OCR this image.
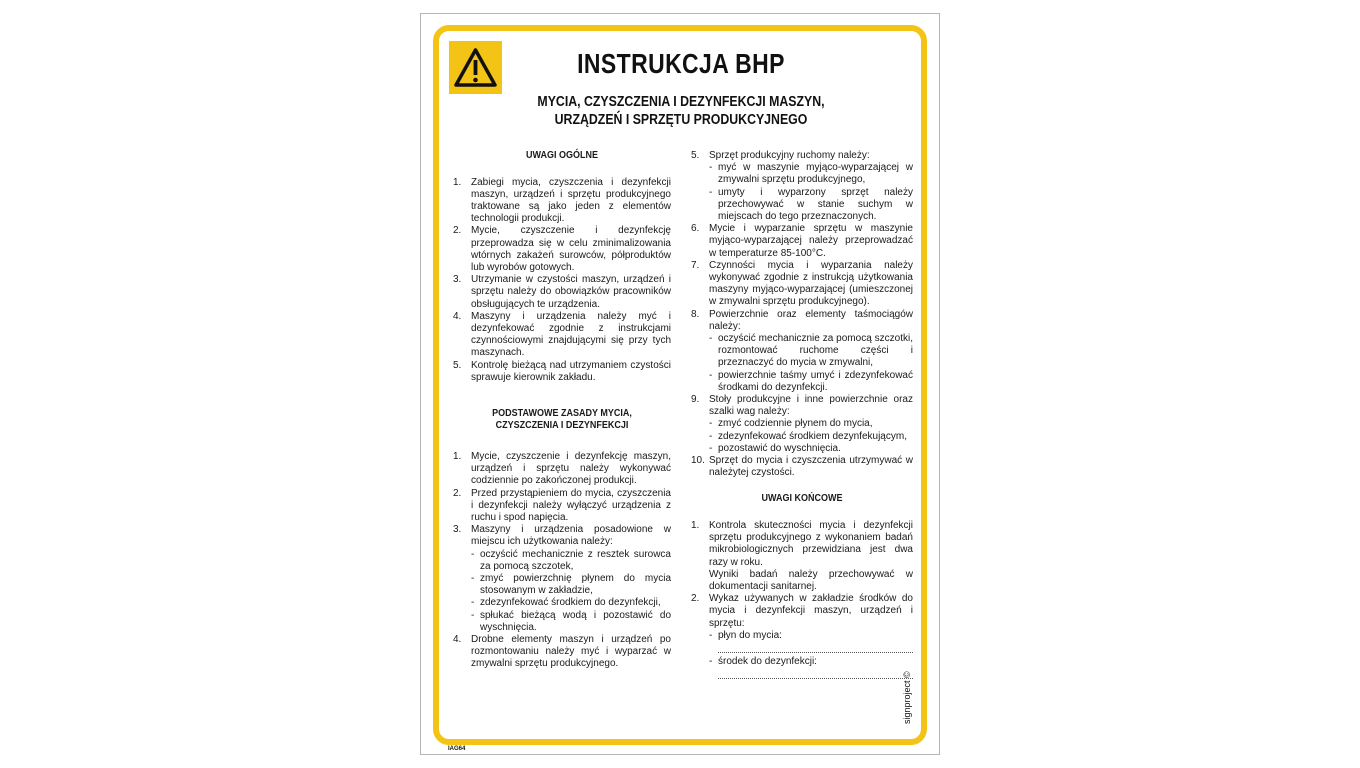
INSTRUKCJA BHP
MYCIA, CZYSZCZENIA I DEZYNFEKCJI MASZYN,
URZĄDZEŃ I SPRZĘTU PRODUKCYJNEGO
UWAGI OGÓLNE
1. Zabiegi mycia, czyszczenia i dezynfekcji maszyn, urządzeń i sprzętu produkcyjnego traktowane są jako jeden z elementów technologii produkcji.
2. Mycie, czyszczenie i dezynfekcję przeprowadza się w celu zminimalizowania wtórnych zakażeń surowców, półproduktów lub wyrobów gotowych.
3. Utrzymanie w czystości maszyn, urządzeń i sprzętu należy do obowiązków pracowników obsługujących te urządzenia.
4. Maszyny i urządzenia należy myć i dezynfekować zgodnie z instrukcjami czynnościowymi znajdującymi się przy tych maszynach.
5. Kontrolę bieżącą nad utrzymaniem czystości sprawuje kierownik zakładu.
PODSTAWOWE ZASADY MYCIA,
CZYSZCZENIA I DEZYNFEKCJI
1. Mycie, czyszczenie i dezynfekcję maszyn, urządzeń i sprzętu należy wykonywać codziennie po zakończonej produkcji.
2. Przed przystąpieniem do mycia, czyszczenia i dezynfekcji należy wyłączyć urządzenia z ruchu i spod napięcia.
3. Maszyny i urządzenia posadowione w miejscu ich użytkowania należy:
- oczyścić mechanicznie z resztek surowca za pomocą szczotek,
- zmyć powierzchnię płynem do mycia stosowanym w zakładzie,
- zdezynfekować środkiem do dezynfekcji,
- spłukać bieżącą wodą i pozostawić do wyschnięcia.
4. Drobne elementy maszyn i urządzeń po rozmontowaniu należy myć i wyparzać w zmywalni sprzętu produkcyjnego.
5. Sprzęt produkcyjny ruchomy należy:
- myć w maszynie myjąco-wyparzającej w zmywalni sprzętu produkcyjnego,
- umyty i wyparzony sprzęt należy przechowywać w stanie suchym w miejscach do tego przeznaczonych.
6. Mycie i wyparzanie sprzętu w maszynie myjąco-wyparzającej należy przeprowadzać w temperaturze 85-100°C.
7. Czynności mycia i wyparzania należy wykonywać zgodnie z instrukcją użytkowania maszyny myjąco-wyparzającej (umieszczonej w zmywalni sprzętu produkcyjnego).
8. Powierzchnie oraz elementy taśmociągów należy:
- oczyścić mechanicznie za pomocą szczotki, rozmontować ruchome części i przeznaczyć do mycia w zmywalni,
- powierzchnie taśmy umyć i zdezynfekować środkami do dezynfekcji.
9. Stoły produkcyjne i inne powierzchnie oraz szalki wag należy:
- zmyć codziennie płynem do mycia,
- zdezynfekować środkiem dezynfekującym,
- pozostawić do wyschnięcia.
10. Sprzęt do mycia i czyszczenia utrzymywać w należytej czystości.
UWAGI KOŃCOWE
1. Kontrola skuteczności mycia i dezynfekcji sprzętu produkcyjnego z wykonaniem badań mikrobiologicznych przewidziana jest dwa razy w roku.
Wyniki badań należy przechowywać w dokumentacji sanitarnej.
2. Wykaz używanych w zakładzie środków do mycia i dezynfekcji maszyn, urządzeń i sprzętu:
- płyn do mycia:
- środek do dezynfekcji:
IAG64
signproject ©
